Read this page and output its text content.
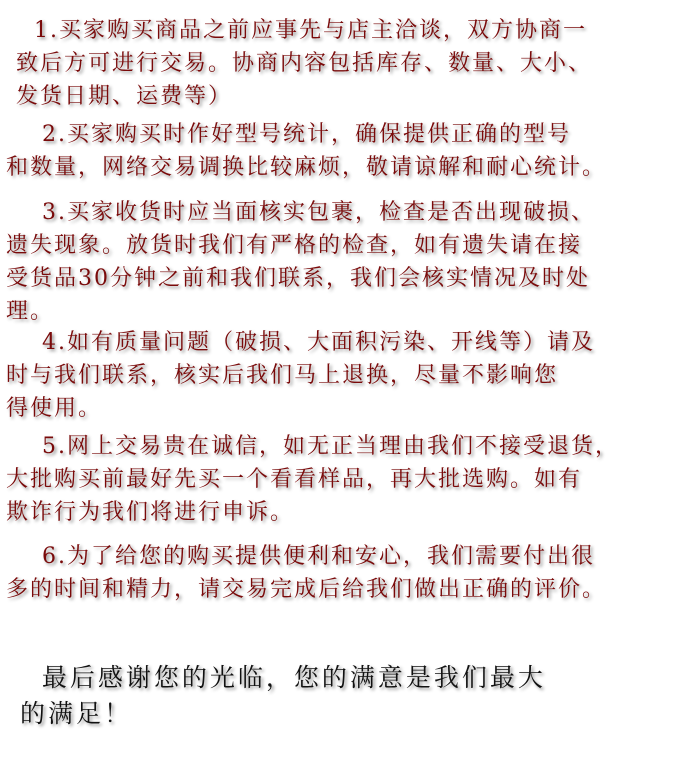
1.买家购买商品之前应事先与店主洽谈，双方协商一
致后方可进行交易。协商内容包括库存、数量、大小、
发货日期、运费等）

2.买家购买时作好型号统计，确保提供正确的型号
和数量，网络交易调换比较麻烦，敬请谅解和耐心统计。

3.买家收货时应当面核实包裹，检查是否出现破损、
遗失现象。放货时我们有严格的检查，如有遗失请在接
受货品30分钟之前和我们联系，我们会核实情况及时处
理。

4.如有质量问题（破损、大面积污染、开线等）请及
时与我们联系，核实后我们马上退换，尽量不影响您
得使用。

5.网上交易贵在诚信，如无正当理由我们不接受退货，
大批购买前最好先买一个看看样品，再大批选购。如有
欺诈行为我们将进行申诉。

6.为了给您的购买提供便利和安心，我们需要付出很
多的时间和精力，请交易完成后给我们做出正确的评价。

最后感谢您的光临，您的满意是我们最大
的满足！
